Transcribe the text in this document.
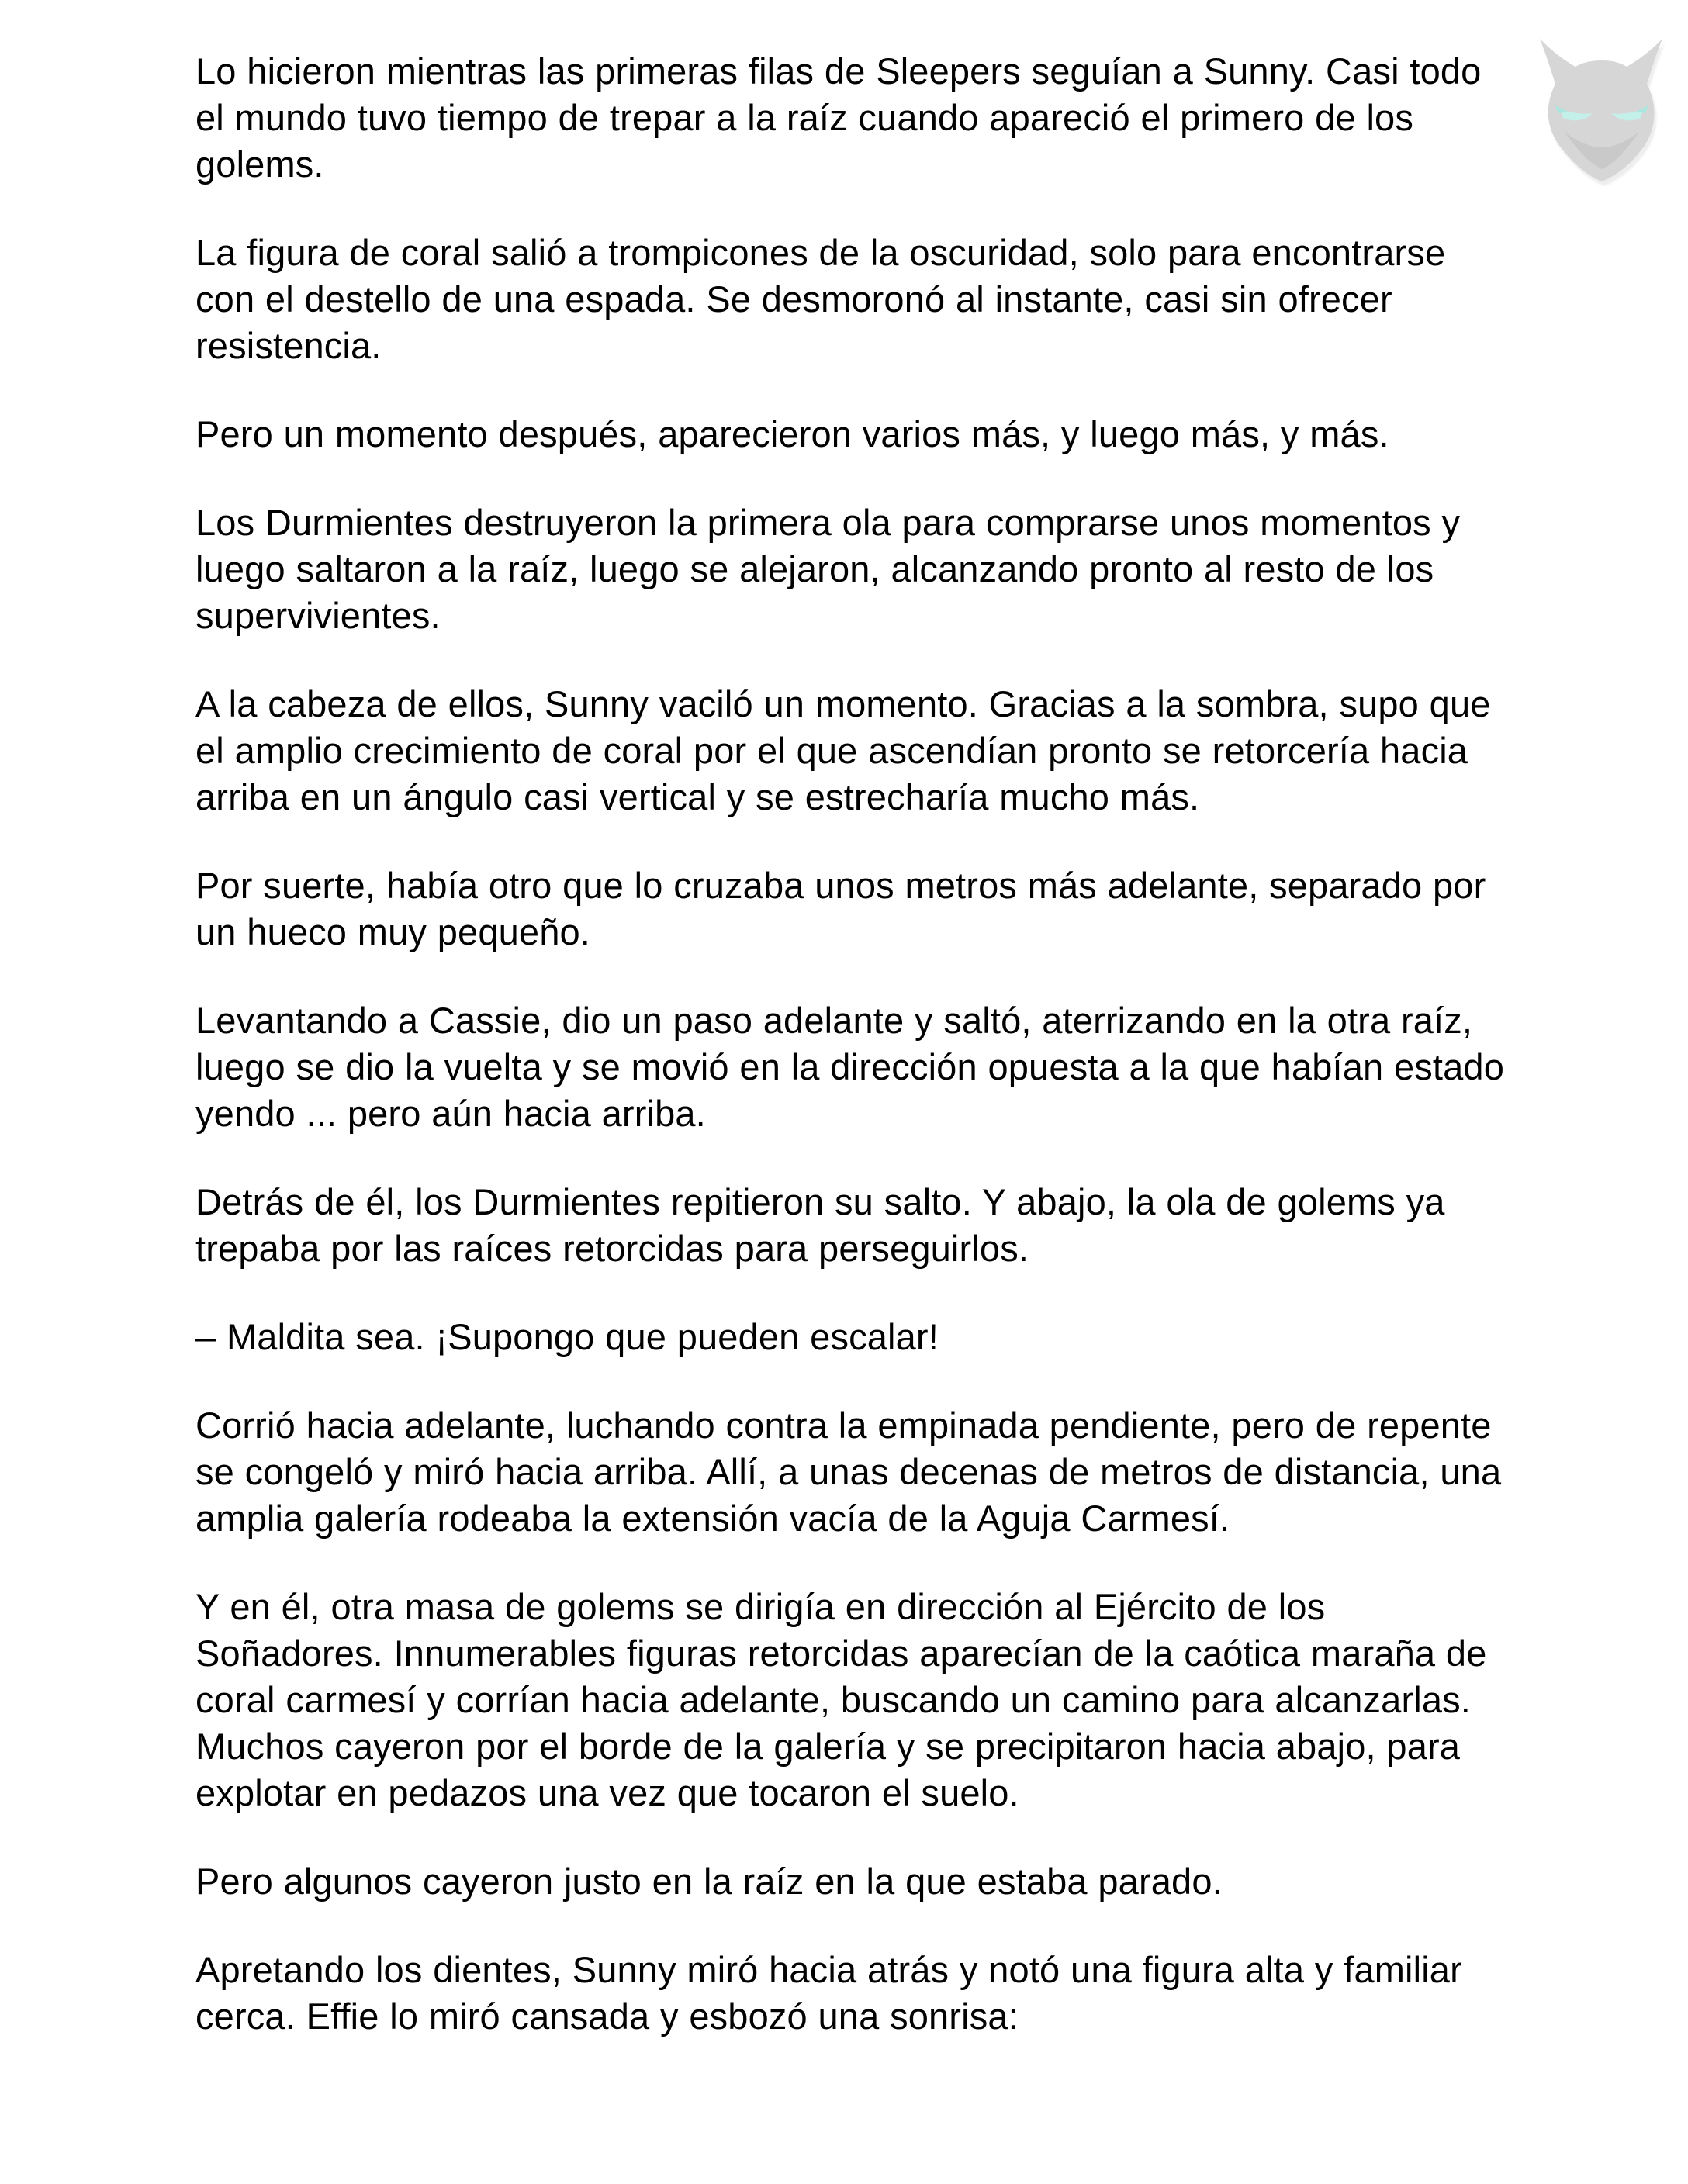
Lo hicieron mientras las primeras filas de Sleepers seguían a Sunny. Casi todo el mundo tuvo tiempo de trepar a la raíz cuando apareció el primero de los golems.

La figura de coral salió a trompicones de la oscuridad, solo para encontrarse con el destello de una espada. Se desmoronó al instante, casi sin ofrecer resistencia.

Pero un momento después, aparecieron varios más, y luego más, y más.

Los Durmientes destruyeron la primera ola para comprarse unos momentos y luego saltaron a la raíz, luego se alejaron, alcanzando pronto al resto de los supervivientes.

A la cabeza de ellos, Sunny vaciló un momento. Gracias a la sombra, supo que el amplio crecimiento de coral por el que ascendían pronto se retorcería hacia arriba en un ángulo casi vertical y se estrecharía mucho más.

Por suerte, había otro que lo cruzaba unos metros más adelante, separado por un hueco muy pequeño.

Levantando a Cassie, dio un paso adelante y saltó, aterrizando en la otra raíz, luego se dio la vuelta y se movió en la dirección opuesta a la que habían estado yendo ... pero aún hacia arriba.

Detrás de él, los Durmientes repitieron su salto. Y abajo, la ola de golems ya trepaba por las raíces retorcidas para perseguirlos.

– Maldita sea. ¡Supongo que pueden escalar!

Corrió hacia adelante, luchando contra la empinada pendiente, pero de repente se congeló y miró hacia arriba. Allí, a unas decenas de metros de distancia, una amplia galería rodeaba la extensión vacía de la Aguja Carmesí.

Y en él, otra masa de golems se dirigía en dirección al Ejército de los Soñadores. Innumerables figuras retorcidas aparecían de la caótica maraña de coral carmesí y corrían hacia adelante, buscando un camino para alcanzarlas. Muchos cayeron por el borde de la galería y se precipitaron hacia abajo, para explotar en pedazos una vez que tocaron el suelo.

Pero algunos cayeron justo en la raíz en la que estaba parado.

Apretando los dientes, Sunny miró hacia atrás y notó una figura alta y familiar cerca. Effie lo miró cansada y esbozó una sonrisa:
